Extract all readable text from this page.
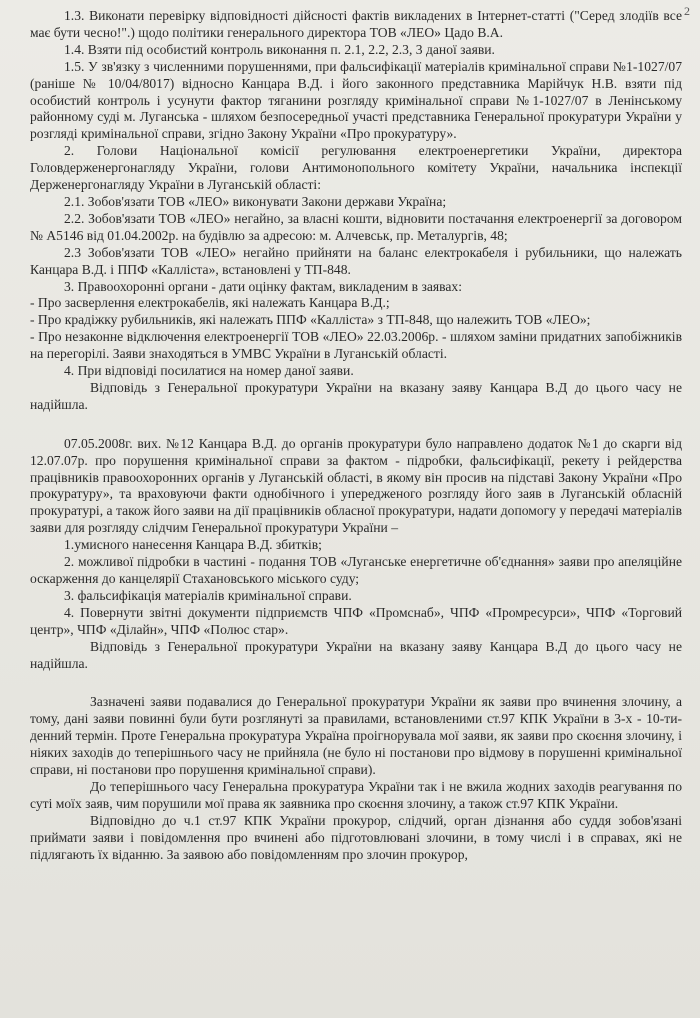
2

1.3. Виконати перевірку відповідності дійсності фактів викладених в Інтернет-статті ("Серед злодіїв все має бути чесно!".) щодо політики генерального директора ТОВ «ЛЕО» Цадо В.А.

1.4. Взяти під особистий контроль виконання п. 2.1, 2.2, 2.3, 3 даної заяви.

1.5. У зв'язку з численними порушеннями, при фальсифікації матеріалів кримінальної справи №1-1027/07 (раніше № 10/04/8017) відносно Канцара В.Д. і його законного представника Марійчук Н.В. взяти під особистий контроль і усунути фактор тяганини розгляду кримінальної справи №1-1027/07 в Ленінському районному суді м. Луганська - шляхом безпосередньої участі представника Генеральної прокуратури України у розгляді кримінальної справи, згідно Закону України «Про прокуратуру».

2. Голови Національної комісії регулювання електроенергетики України, директора Головдерженергонагляду України, голови Антимонопольного комітету України, начальника інспекції Держенергонагляду України в Луганській області:

2.1. Зобов'язати ТОВ «ЛЕО» виконувати Закони держави Україна;

2.2. Зобов'язати ТОВ «ЛЕО» негайно, за власні кошти, відновити постачання електроенергії за договором № А5146 від 01.04.2002р. на будівлю за адресою: м. Алчевськ, пр. Металургів, 48;

2.3 Зобов'язати ТОВ «ЛЕО» негайно прийняти на баланс електрокабеля і рубильники, що належать Канцара В.Д. і ППФ «Калліста», встановлені у ТП-848.

3. Правоохоронні органи - дати оцінку фактам, викладеним в заявах:

- Про засверлення електрокабелів, які належать Канцара В.Д.;

- Про крадіжку рубильників, які належать ППФ «Калліста» з ТП-848, що належить ТОВ «ЛЕО»;

- Про незаконне відключення електроенергії ТОВ «ЛЕО» 22.03.2006р. - шляхом заміни придатних запобіжників на перегорілі. Заяви знаходяться в УМВС України в Луганській області.

4. При відповіді посилатися на номер даної заяви.

Відповідь з Генеральної прокуратури України на вказану заяву Канцара В.Д до цього часу не надійшла.

07.05.2008г. вих. №12 Канцара В.Д. до органів прокуратури було направлено додаток №1 до скарги від 12.07.07р. про порушення кримінальної справи за фактом - підробки, фальсифікації, рекету і рейдерства працівників правоохоронних органів у Луганській області, в якому він просив на підставі Закону України «Про прокуратуру», та враховуючи факти однобічного і упередженого розгляду його заяв в Луганській обласній прокуратурі, а також його заяви на дії працівників обласної прокуратури, надати допомогу у передачі матеріалів заяви для розгляду слідчим Генеральної прокуратури України –

1.умисного нанесення Канцара В.Д. збитків;

2. можливої підробки в частині - подання ТОВ «Луганське енергетичне об'єднання» заяви про апеляційне оскарження до канцелярії Стахановського міського суду;

3. фальсифікація матеріалів кримінальної справи.

4. Повернути звітні документи підприємств ЧПФ «Промснаб», ЧПФ «Промресурси», ЧПФ «Торговий центр», ЧПФ «Ділайн», ЧПФ «Полюс стар».

Відповідь з Генеральної прокуратури України на вказану заяву Канцара В.Д до цього часу не надійшла.

Зазначені заяви подавалися до Генеральної прокуратури України як заяви про вчинення злочину, а тому, дані заяви повинні були бути розглянуті за правилами, встановленими ст.97 КПК України в 3-х - 10-ти-денний термін. Проте Генеральна прокуратура Україна проігнорувала мої заяви, як заяви про скоєння злочину, і ніяких заходів до теперішнього часу не прийняла (не було ні постанови про відмову в порушенні кримінальної справи, ні постанови про порушення кримінальної справи).

До теперішнього часу Генеральна прокуратура України так і не вжила жодних заходів реагування по суті моїх заяв, чим порушили мої права як заявника про скоєння злочину, а також ст.97 КПК України.

Відповідно до ч.1 ст.97 КПК України прокурор, слідчий, орган дізнання або суддя зобов'язані приймати заяви і повідомлення про вчинені або підготовлювані злочини, в тому числі і в справах, які не підлягають їх віданню. За заявою або повідомленням про злочин прокурор,
